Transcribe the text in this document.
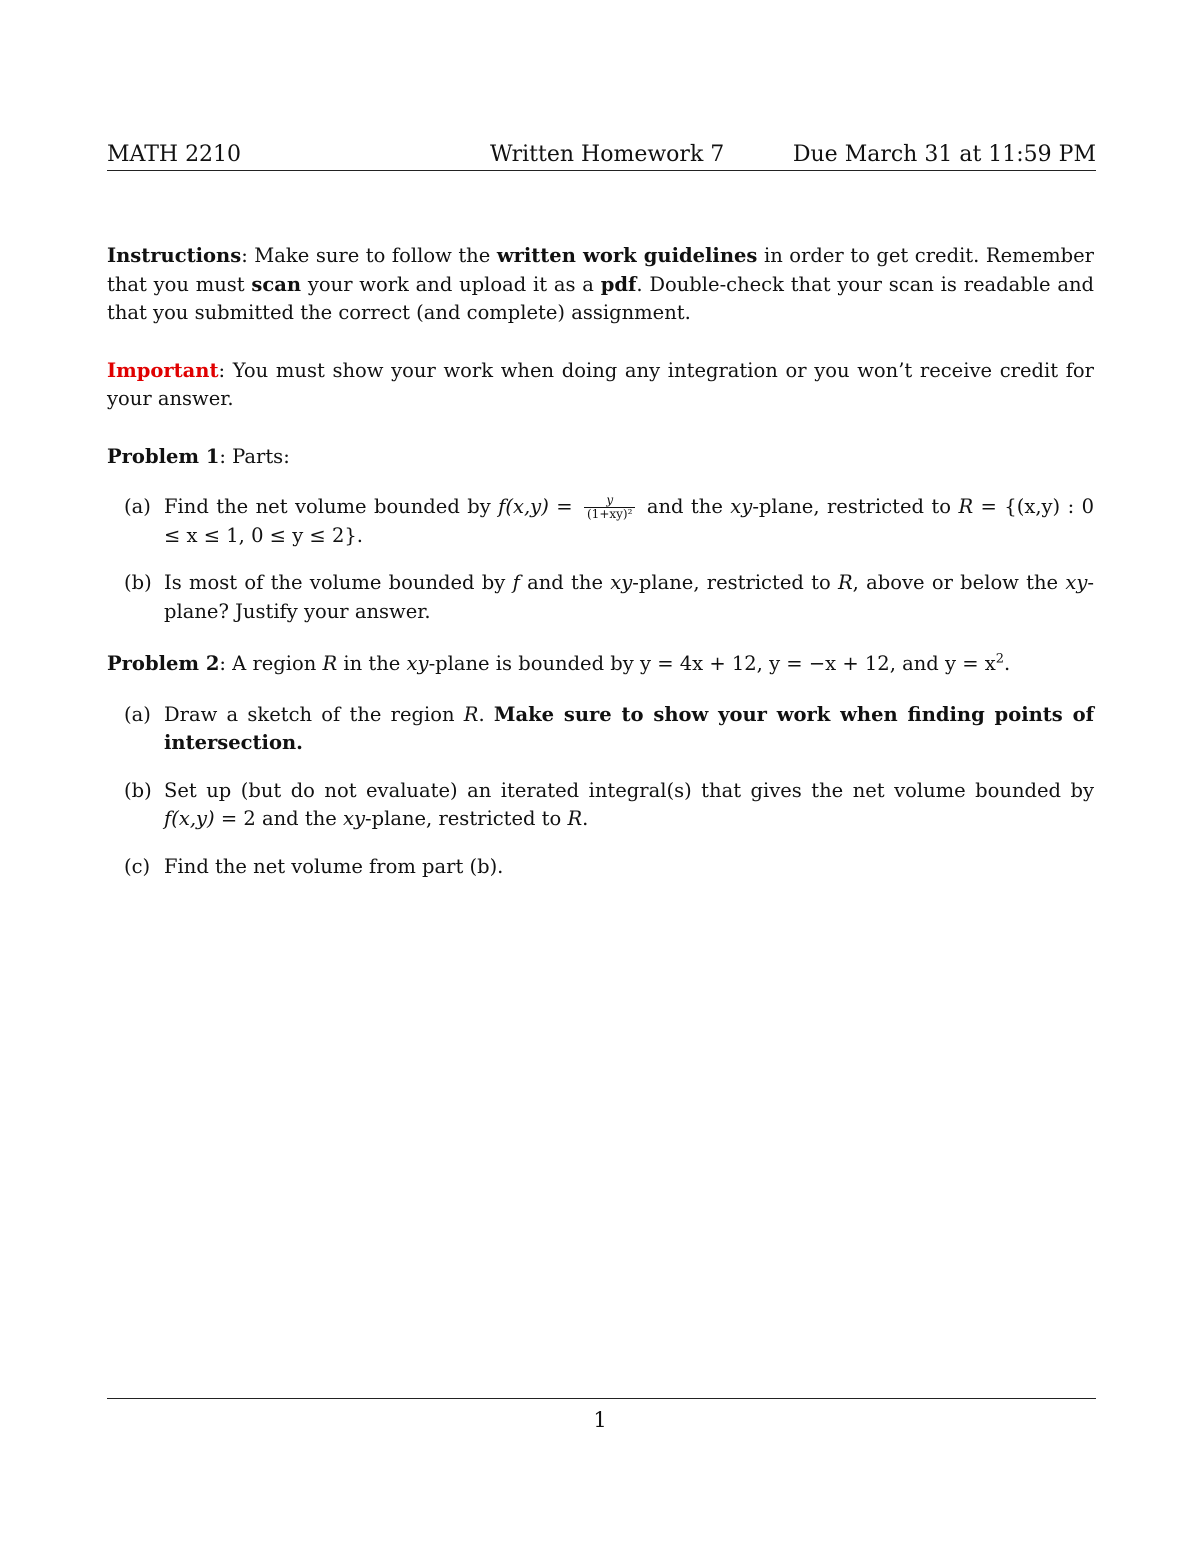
MATH 2210	Written Homework 7	Due March 31 at 11:59 PM

Instructions: Make sure to follow the written work guidelines in order to get credit. Remember that you must scan your work and upload it as a pdf. Double-check that your scan is readable and that you submitted the correct (and complete) assignment.

Important: You must show your work when doing any integration or you won’t receive credit for your answer.

Problem 1: Parts:

(a) Find the net volume bounded by $f(x,y) = \frac{y}{\text{(1+xy)²}}$ and the xy-plane, restricted to R = {(x,y) : 0 ≤ x ≤ 1, 0 ≤ y ≤ 2}.

(b) Is most of the volume bounded by f and the xy-plane, restricted to R, above or below the xy-plane? Justify your answer.

Problem 2: A region R in the xy-plane is bounded by y = 4x + 12, y = −x + 12, and $y = x^2$.

(a) Draw a sketch of the region R. Make sure to show your work when finding points of intersection.

(b) Set up (but do not evaluate) an iterated integral(s) that gives the net volume bounded by f(x,y) = 2 and the xy-plane, restricted to R.

(c) Find the net volume from part (b).

1
